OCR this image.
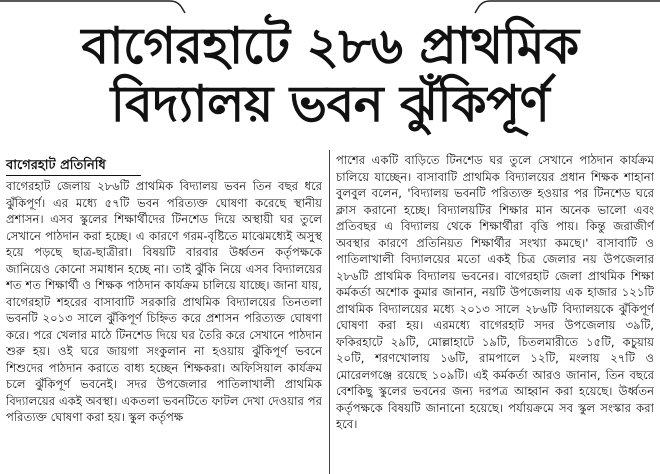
বাগেরহাটে ২৮৬ প্রাথমিক
বিদ্যালয় ভবন ঝুঁকিপূর্ণ
বাগেরহাট প্রতিনিধি

বাগেরহাট জেলায় ২৮৬টি প্রাথমিক বিদ্যালয় ভবন তিন বছর ধরে ঝুঁকিপূর্ণ। এর মধ্যে ৫৭টি ভবন পরিত্যক্ত ঘোষণা করেছে স্থানীয় প্রশাসন। এসব স্কুলের শিক্ষার্থীদের টিনশেড দিয়ে অস্থায়ী ঘর তুলে সেখানে পাঠদান করা হচ্ছে। এ কারণে গরম-বৃষ্টিতে মাঝেমধ্যেই অসুস্থ হয়ে পড়ছে ছাত্র-ছাত্রীরা। বিষয়টি বারবার উর্ধ্বতন কর্তৃপক্ষকে জানিয়েও কোনো সমাধান হচ্ছে না। তাই ঝুঁকি নিয়ে এসব বিদ্যালয়ের শত শত শিক্ষার্থী ও শিক্ষক পাঠদান কার্যক্রম চালিয়ে যাচ্ছে। জানা যায়, বাগেরহাট শহরের বাসাবাটি সরকারি প্রাথমিক বিদ্যালয়ের তিনতলা ভবনটি ২০১৩ সালে ঝুঁকিপূর্ণ চিহ্নিত করে প্রশাসন পরিত্যক্ত ঘোষণা করে। পরে খেলার মাঠে টিনশেড দিয়ে ঘর তৈরি করে সেখানে পাঠদান শুরু হয়। ওই ঘরে জায়গা সংকুলান না হওয়ায় ঝুঁকিপূর্ণ ভবনে শিশুদের পাঠদান করাতে বাধ্য হচ্ছেন শিক্ষকরা। অফিসিয়াল কার্যক্রম চলে ঝুঁকিপূর্ণ ভবনেই। সদর উপজেলার পাতিলাখালী প্রাথমিক বিদ্যালয়ের একই অবস্থা। একতলা ভবনটিতে ফাটল দেখা দেওয়ার পর পরিত্যক্ত ঘোষণা করা হয়। স্কুল কর্তৃপক্ষ

পাশের একটি বাড়িতে টিনশেড ঘর তুলে সেখানে পাঠদান কার্যক্রম চালিয়ে যাচ্ছেন। বাসাবাটি প্রাথমিক বিদ্যালয়ের প্রধান শিক্ষক শাহানা বুলবুল বলেন, 'বিদ্যালয় ভবনটি পরিত্যক্ত হওয়ার পর টিনশেড ঘরে ক্লাস করানো হচ্ছে। বিদ্যালয়টির শিক্ষার মান অনেক ভালো এবং প্রতিবছর এ বিদ্যালয় থেকে শিক্ষার্থীরা বৃত্তি পায়। কিন্তু জরাজীর্ণ অবস্থার কারণে প্রতিনিয়ত শিক্ষার্থীর সংখ্যা কমছে।' বাসাবাটি ও পাতিলাখালী বিদ্যালয়ের মতো একই চিত্র জেলার নয় উপজেলার ২৮৬টি প্রাথমিক বিদ্যালয় ভবনের। বাগেরহাট জেলা প্রাথমিক শিক্ষা কর্মকর্তা অশোক কুমার জানান, নয়টি উপজেলায় এক হাজার ১২১টি প্রাথমিক বিদ্যালয়ের মধ্যে ২০১৩ সালে ২৮৬টি বিদ্যালয়কে ঝুঁকিপূর্ণ ঘোষণা করা হয়। এরমধ্যে বাগেরহাট সদর উপজেলায় ৩৯টি, ফকিরহাটে ২৯টি, মোল্লাহাটে ১৯টি, চিতলমারীতে ১৫টি, কচুয়ায় ২০টি, শরণখোলায় ১৬টি, রামপালে ১২টি, মংলায় ২৭টি ও মোরেলগঞ্জে রয়েছে ১০৯টি। এই কর্মকর্তা আরও জানান, তিন বছরে বেশকিছু স্কুলের ভবনের জন্য দরপত্র আহ্বান করা হয়েছে। উর্ধ্বতন কর্তৃপক্ষকে বিষয়টি জানানো হয়েছে। পর্যায়ক্রমে সব স্কুল সংস্কার করা হবে।
